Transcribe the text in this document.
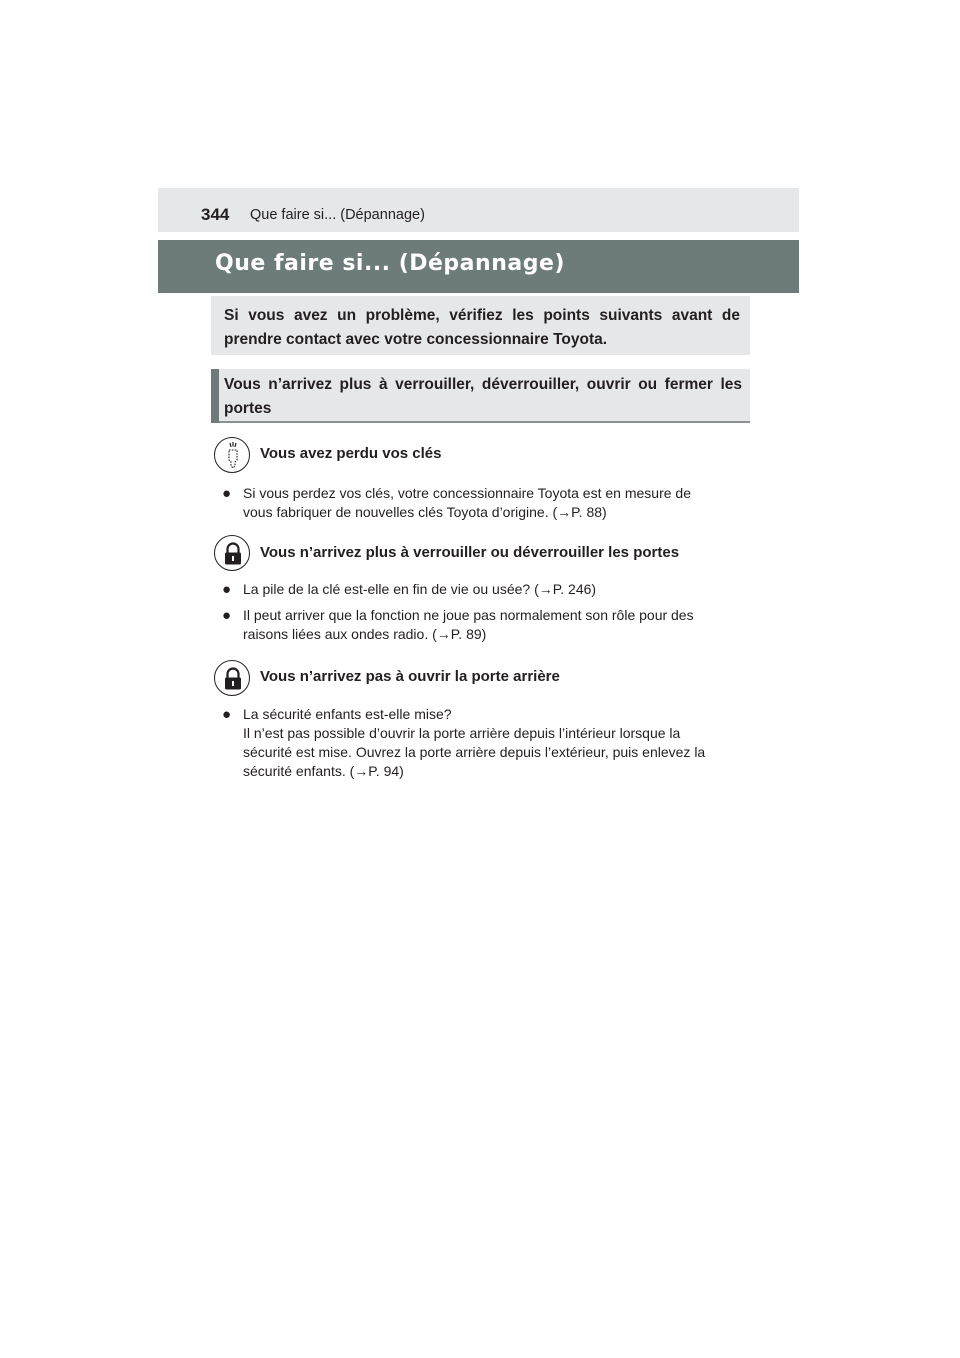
344 Que faire si... (Dépannage)
Que faire si... (Dépannage)
Si vous avez un problème, vérifiez les points suivants avant de prendre contact avec votre concessionnaire Toyota.
Vous n’arrivez plus à verrouiller, déverrouiller, ouvrir ou fermer les portes
Vous avez perdu vos clés
● Si vous perdez vos clés, votre concessionnaire Toyota est en mesure de
vous fabriquer de nouvelles clés Toyota d’origine. (→P. 88)
Vous n’arrivez plus à verrouiller ou déverrouiller les portes
● La pile de la clé est-elle en fin de vie ou usée? (→P. 246)
● Il peut arriver que la fonction ne joue pas normalement son rôle pour des
raisons liées aux ondes radio. (→P. 89)
Vous n’arrivez pas à ouvrir la porte arrière
● La sécurité enfants est-elle mise?
Il n’est pas possible d’ouvrir la porte arrière depuis l’intérieur lorsque la
sécurité est mise. Ouvrez la porte arrière depuis l’extérieur, puis enlevez la
sécurité enfants. (→P. 94)
